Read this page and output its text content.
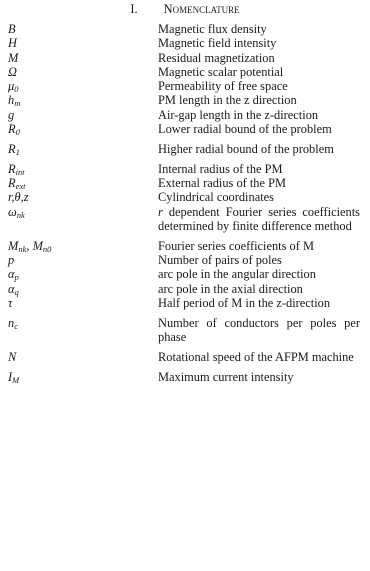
I. Nomenclature
B	Magnetic flux density
H	Magnetic field intensity
M	Residual magnetization
Ω	Magnetic scalar potential
$\mu_0$	Permeability of free space
$h_m$	PM length in the z direction
g	Air-gap length in the z-direction
$R_0$	Lower radial bound of the problem
$R_1$	Higher radial bound of the problem
$R_{int}$	Internal radius of the PM
$R_{ext}$	External radius of the PM
r,θ,z	Cylindrical coordinates
$\omega_{nk}$	r dependent Fourier series coefficients determined by finite difference method
$M_{nk}$, $M_{n0}$	Fourier series coefficients of M
p	Number of pairs of poles
$\alpha_p$	arc pole in the angular direction
$\alpha_q$	arc pole in the axial direction
τ	Half period of M in the z-direction
$n_c$	Number of conductors per poles per phase
N	Rotational speed of the AFPM machine
$I_M$	Maximum current intensity
